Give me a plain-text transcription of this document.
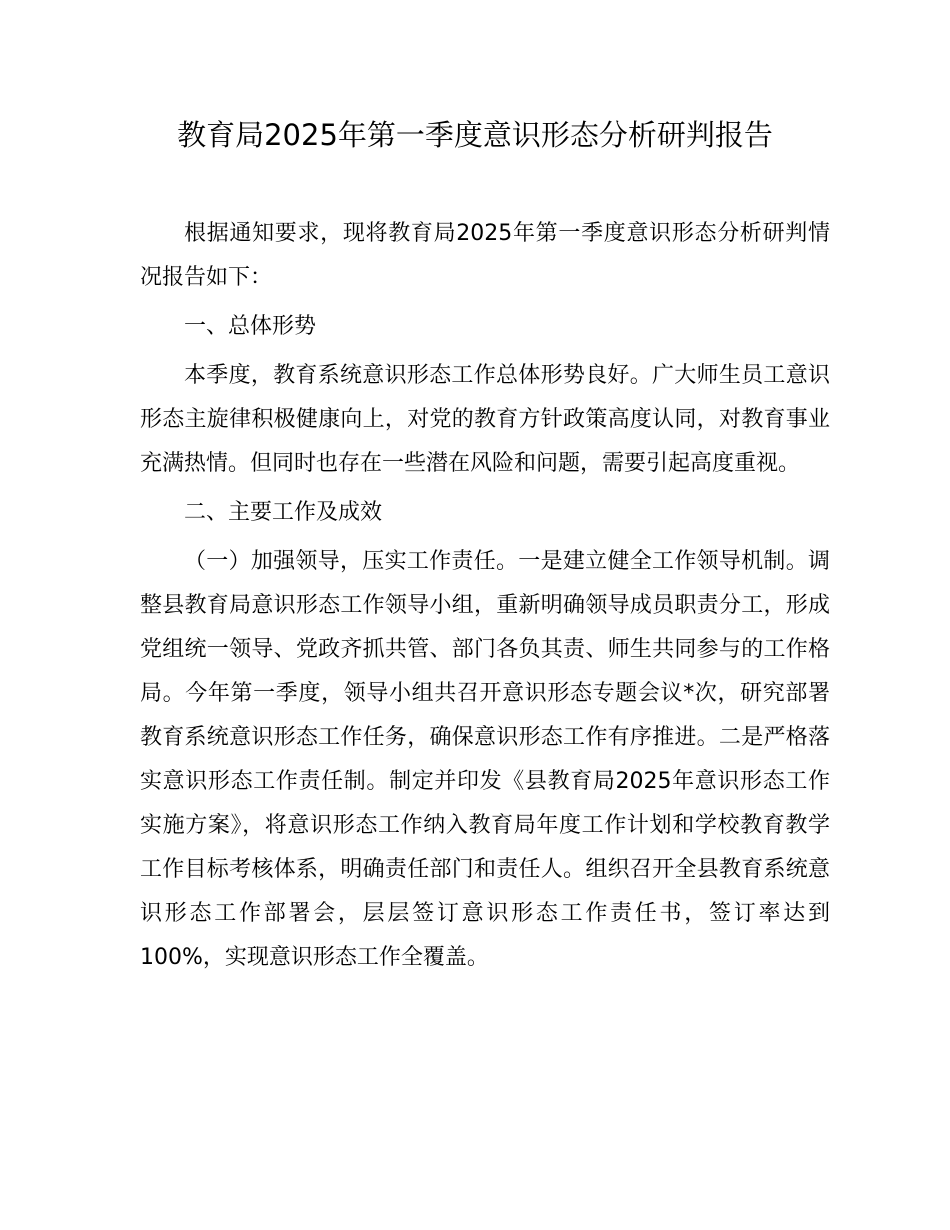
教育局2025年第一季度意识形态分析研判报告

根据通知要求，现将教育局2025年第一季度意识形态分析研判情况报告如下：

一、总体形势

本季度，教育系统意识形态工作总体形势良好。广大师生员工意识形态主旋律积极健康向上，对党的教育方针政策高度认同，对教育事业充满热情。但同时也存在一些潜在风险和问题，需要引起高度重视。

二、主要工作及成效

（一）加强领导，压实工作责任。一是建立健全工作领导机制。调整县教育局意识形态工作领导小组，重新明确领导成员职责分工，形成党组统一领导、党政齐抓共管、部门各负其责、师生共同参与的工作格局。今年第一季度，领导小组共召开意识形态专题会议*次，研究部署教育系统意识形态工作任务，确保意识形态工作有序推进。二是严格落实意识形态工作责任制。制定并印发《县教育局2025年意识形态工作实施方案》，将意识形态工作纳入教育局年度工作计划和学校教育教学工作目标考核体系，明确责任部门和责任人。组织召开全县教育系统意识形态工作部署会，层层签订意识形态工作责任书，签订率达到100%，实现意识形态工作全覆盖。
